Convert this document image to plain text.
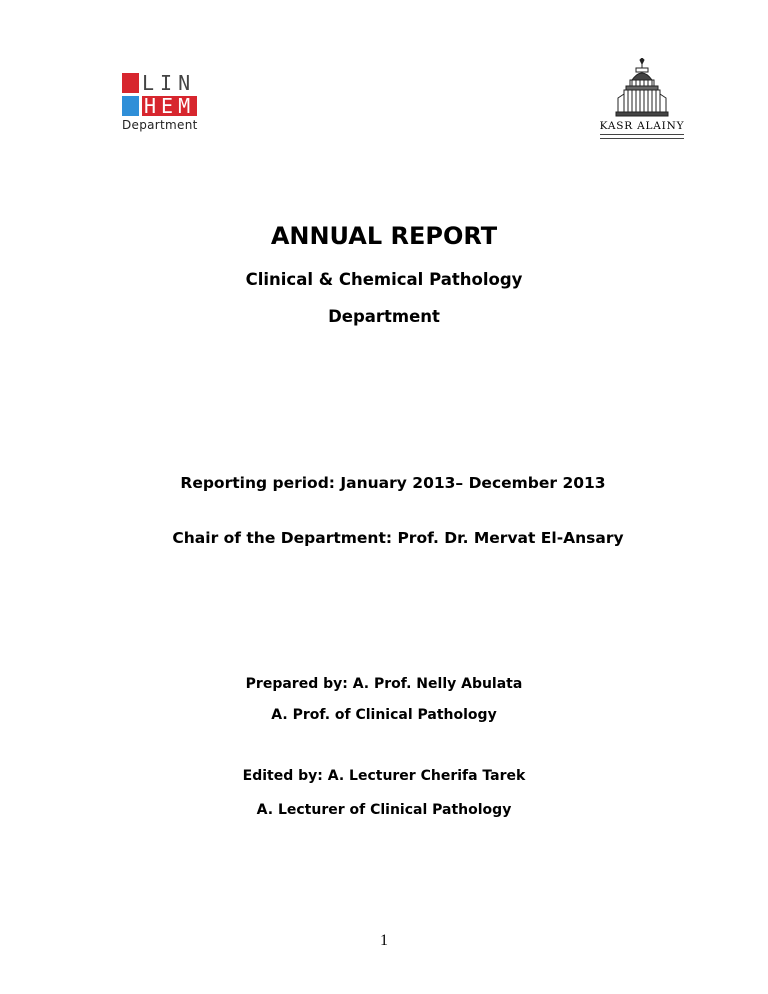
LIN
HEM
Department	KASR ALAINY
ANNUAL REPORT
Clinical & Chemical Pathology
Department
Reporting period: January 2013– December 2013
Chair of the Department: Prof. Dr. Mervat El-Ansary
Prepared by: A. Prof. Nelly Abulata
A. Prof. of Clinical Pathology
Edited by: A. Lecturer Cherifa Tarek
A. Lecturer of Clinical Pathology
1
